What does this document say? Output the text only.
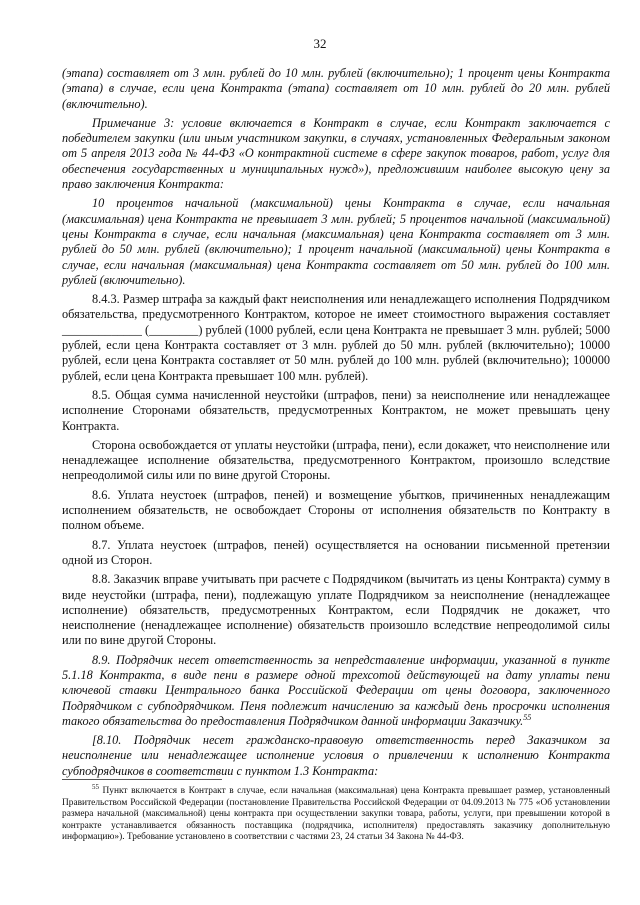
32

(этапа) составляет от 3 млн. рублей до 10 млн. рублей (включительно); 1 процент цены Контракта (этапа) в случае, если цена Контракта (этапа) составляет от 10 млн. рублей до 20 млн. рублей (включительно).

Примечание 3: условие включается в Контракт в случае, если Контракт заключается с победителем закупки (или иным участником закупки, в случаях, установленных Федеральным законом от 5 апреля 2013 года № 44-ФЗ «О контрактной системе в сфере закупок товаров, работ, услуг для обеспечения государственных и муниципальных нужд»), предложившим наиболее высокую цену за право заключения Контракта:

10 процентов начальной (максимальной) цены Контракта в случае, если начальная (максимальная) цена Контракта не превышает 3 млн. рублей; 5 процентов начальной (максимальной) цены Контракта в случае, если начальная (максимальная) цена Контракта составляет от 3 млн. рублей до 50 млн. рублей (включительно); 1 процент начальной (максимальной) цены Контракта в случае, если начальная (максимальная) цена Контракта составляет от 50 млн. рублей до 100 млн. рублей (включительно).

8.4.3. Размер штрафа за каждый факт неисполнения или ненадлежащего исполнения Подрядчиком обязательства, предусмотренного Контрактом, которое не имеет стоимостного выражения составляет _____________ (________) рублей (1000 рублей, если цена Контракта не превышает 3 млн. рублей; 5000 рублей, если цена Контракта составляет от 3 млн. рублей до 50 млн. рублей (включительно); 10000 рублей, если цена Контракта составляет от 50 млн. рублей до 100 млн. рублей (включительно); 100000 рублей, если цена Контракта превышает 100 млн. рублей).

8.5. Общая сумма начисленной неустойки (штрафов, пени) за неисполнение или ненадлежащее исполнение Сторонами обязательств, предусмотренных Контрактом, не может превышать цену Контракта.

Сторона освобождается от уплаты неустойки (штрафа, пени), если докажет, что неисполнение или ненадлежащее исполнение обязательства, предусмотренного Контрактом, произошло вследствие непреодолимой силы или по вине другой Стороны.

8.6. Уплата неустоек (штрафов, пеней) и возмещение убытков, причиненных ненадлежащим исполнением обязательств, не освобождает Стороны от исполнения обязательств по Контракту в полном объеме.

8.7. Уплата неустоек (штрафов, пеней) осуществляется на основании письменной претензии одной из Сторон.

8.8. Заказчик вправе учитывать при расчете с Подрядчиком (вычитать из цены Контракта) сумму в виде неустойки (штрафа, пени), подлежащую уплате Подрядчиком за неисполнение (ненадлежащее исполнение) обязательств, предусмотренных Контрактом, если Подрядчик не докажет, что неисполнение (ненадлежащее исполнение) обязательств произошло вследствие непреодолимой силы или по вине другой Стороны.

8.9. Подрядчик несет ответственность за непредставление информации, указанной в пункте 5.1.18 Контракта, в виде пени в размере одной трехсотой действующей на дату уплаты пени ключевой ставки Центрального банка Российской Федерации от цены договора, заключенного Подрядчиком с субподрядчиком. Пеня подлежит начислению за каждый день просрочки исполнения такого обязательства до предоставления Подрядчиком данной информации Заказчику.$^{55}$

[8.10. Подрядчик несет гражданско-правовую ответственность перед Заказчиком за неисполнение или ненадлежащее исполнение условия о привлечении к исполнению Контракта субподрядчиков в соответствии с пунктом 1.3 Контракта:

$^{55}$ Пункт включается в Контракт в случае, если начальная (максимальная) цена Контракта превышает размер, установленный Правительством Российской Федерации (постановление Правительства Российской Федерации от 04.09.2013 № 775 «Об установлении размера начальной (максимальной) цены контракта при осуществлении закупки товара, работы, услуги, при превышении которой в контракте устанавливается обязанность поставщика (подрядчика, исполнителя) предоставлять заказчику дополнительную информацию»). Требование установлено в соответствии с частями 23, 24 статьи 34 Закона № 44-ФЗ.
